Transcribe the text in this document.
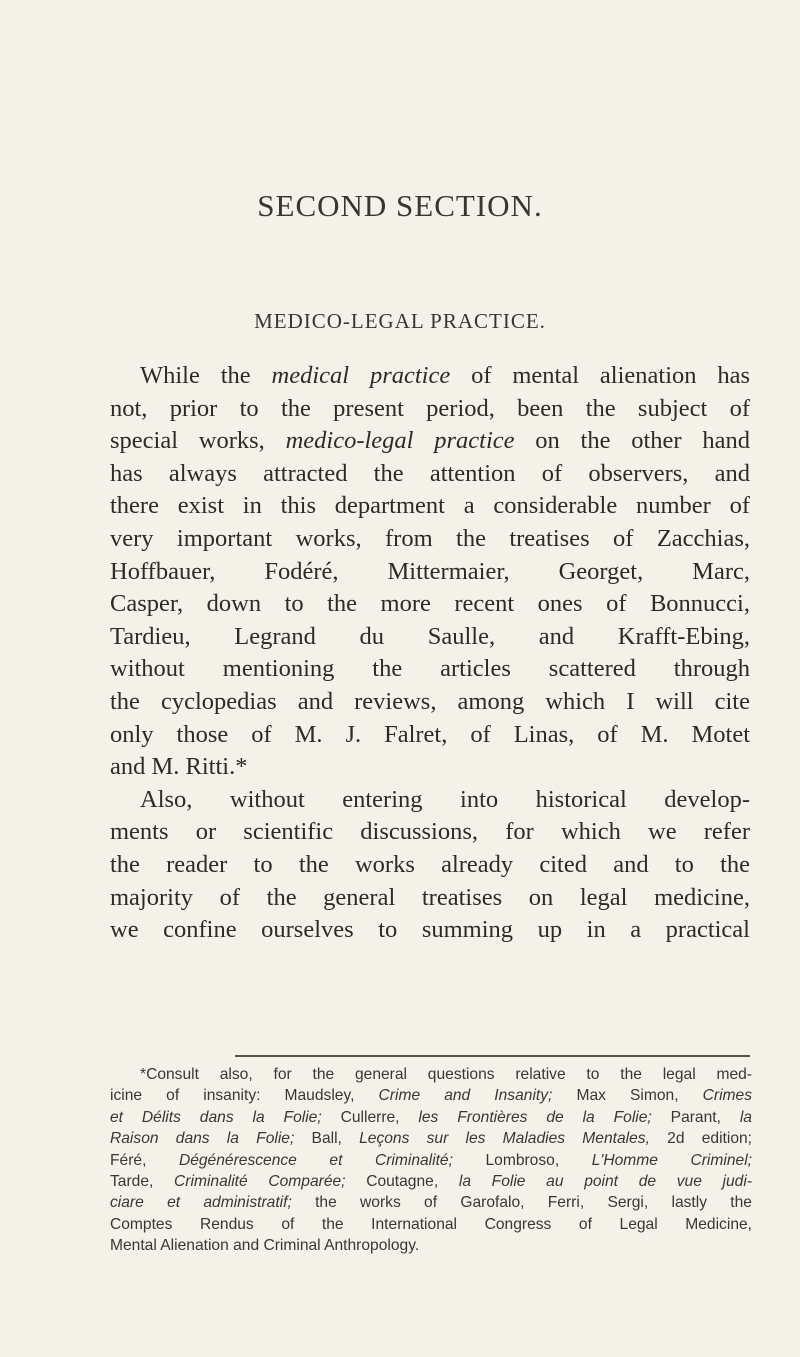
SECOND SECTION.
MEDICO-LEGAL PRACTICE.
While the medical practice of mental alienation has
not, prior to the present period, been the subject of
special works, medico-legal practice on the other hand
has always attracted the attention of observers, and
there exist in this department a considerable number of
very important works, from the treatises of Zacchias,
Hoffbauer, Fodéré, Mittermaier, Georget, Marc,
Casper, down to the more recent ones of Bonnucci,
Tardieu, Legrand du Saulle, and Krafft-Ebing,
without mentioning the articles scattered through
the cyclopedias and reviews, among which I will cite
only those of M. J. Falret, of Linas, of M. Motet
and M. Ritti.*
Also, without entering into historical develop-
ments or scientific discussions, for which we refer
the reader to the works already cited and to the
majority of the general treatises on legal medicine,
we confine ourselves to summing up in a practical
*Consult also, for the general questions relative to the legal med-
icine of insanity: Maudsley, Crime and Insanity; Max Simon, Crimes
et Délits dans la Folie; Cullerre, les Frontières de la Folie; Parant, la
Raison dans la Folie; Ball, Leçons sur les Maladies Mentales, 2d edition;
Féré, Dégénérescence et Criminalité; Lombroso, L'Homme Criminel;
Tarde, Criminalité Comparée; Coutagne, la Folie au point de vue judi-
ciare et administratif; the works of Garofalo, Ferri, Sergi, lastly the
Comptes Rendus of the International Congress of Legal Medicine,
Mental Alienation and Criminal Anthropology.
